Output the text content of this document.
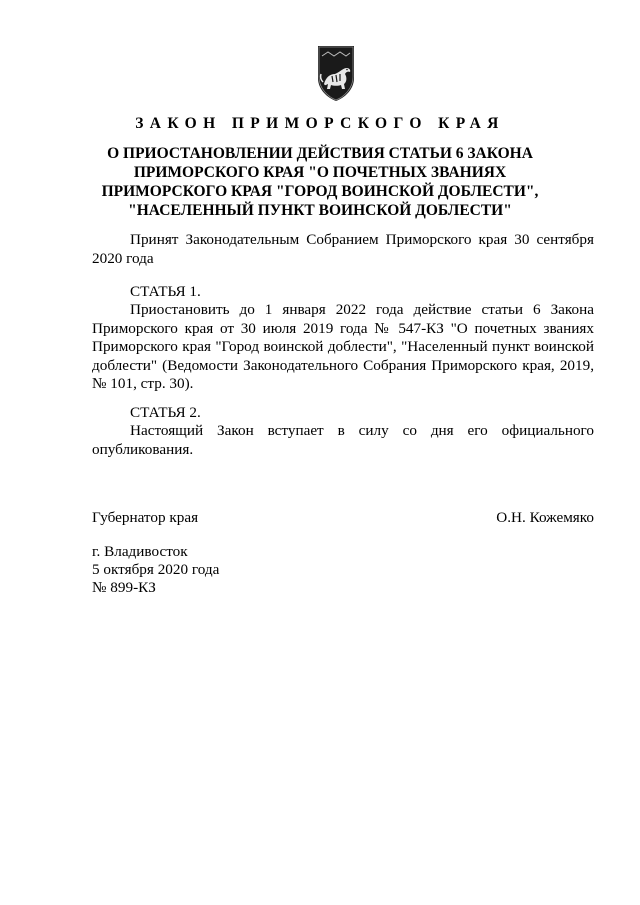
ЗАКОН ПРИМОРСКОГО КРАЯ
О ПРИОСТАНОВЛЕНИИ ДЕЙСТВИЯ СТАТЬИ 6 ЗАКОНА
ПРИМОРСКОГО КРАЯ "О ПОЧЕТНЫХ ЗВАНИЯХ
ПРИМОРСКОГО КРАЯ "ГОРОД ВОИНСКОЙ ДОБЛЕСТИ",
"НАСЕЛЕННЫЙ ПУНКТ ВОИНСКОЙ ДОБЛЕСТИ"

Принят Законодательным Собранием Приморского края 30 сентября 2020 года

СТАТЬЯ 1.

Приостановить до 1 января 2022 года действие статьи 6 Закона Приморского края от 30 июля 2019 года № 547-КЗ "О почетных званиях Приморского края "Город воинской доблести", "Населенный пункт воинской доблести" (Ведомости Законодательного Собрания Приморского края, 2019, № 101, стр. 30).

СТАТЬЯ 2.

Настоящий Закон вступает в силу со дня его официального опубликования.

Губернатор края	О.Н. Кожемяко
г. Владивосток
5 октября 2020 года
№ 899-КЗ
